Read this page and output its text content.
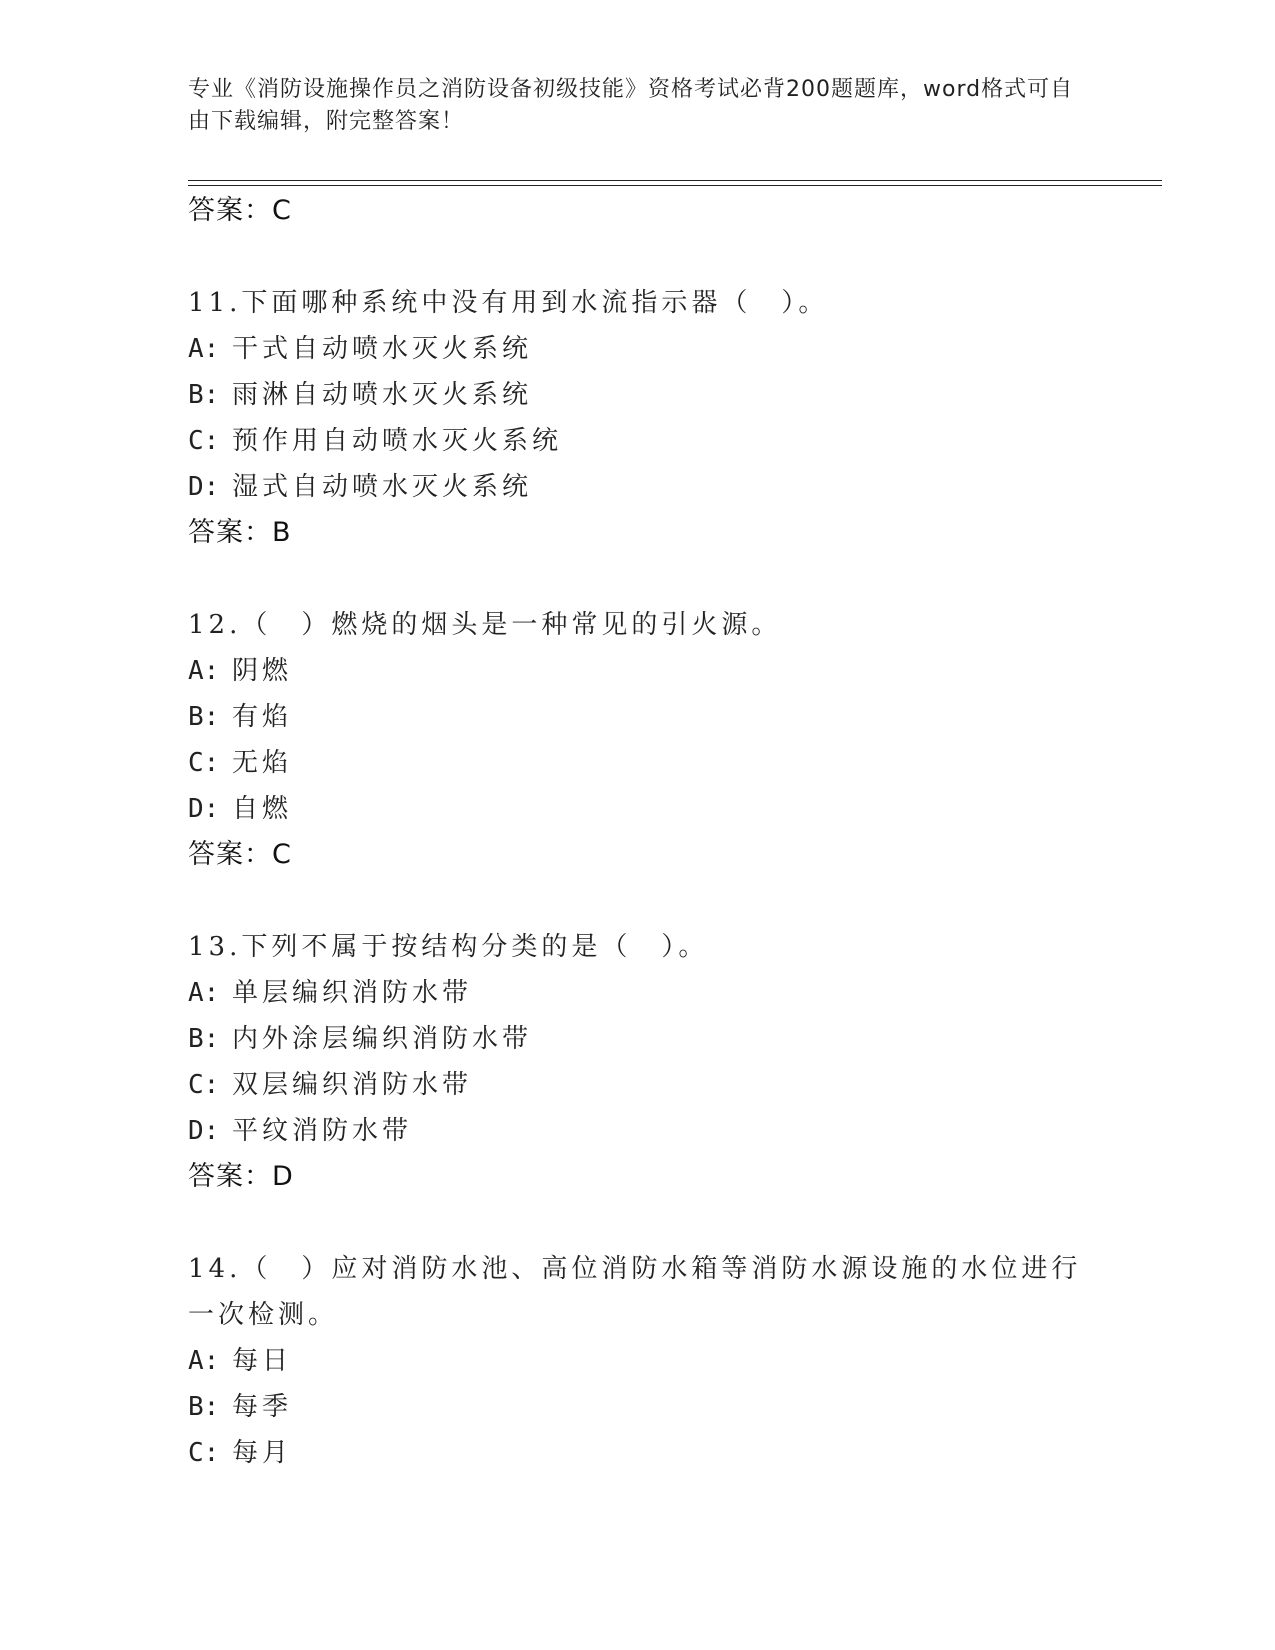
专业《消防设施操作员之消防设备初级技能》资格考试必背200题题库，word格式可自由下载编辑，附完整答案！
答案：C
11.下面哪种系统中没有用到水流指示器（　）。
A: 干式自动喷水灭火系统
B: 雨淋自动喷水灭火系统
C: 预作用自动喷水灭火系统
D: 湿式自动喷水灭火系统
答案：B
12.（　）燃烧的烟头是一种常见的引火源。
A: 阴燃
B: 有焰
C: 无焰
D: 自燃
答案：C
13.下列不属于按结构分类的是（　）。
A: 单层编织消防水带
B: 内外涂层编织消防水带
C: 双层编织消防水带
D: 平纹消防水带
答案：D
14.（　）应对消防水池、高位消防水箱等消防水源设施的水位进行一次检测。
A: 每日
B: 每季
C: 每月
